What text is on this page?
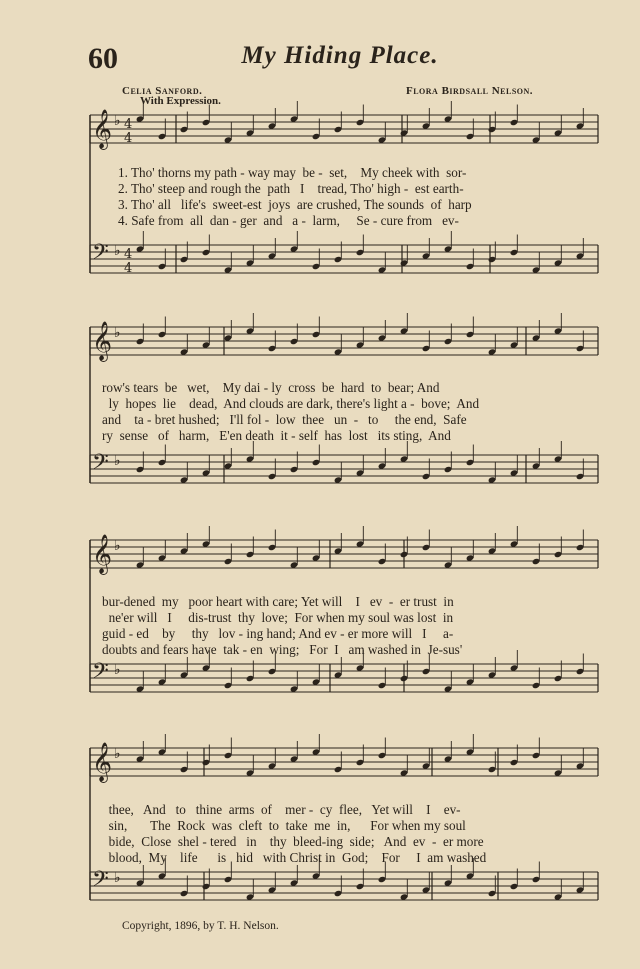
60	My Hiding Place.
Celia Sanford.	Flora Birdsall Nelson.
With Expression.
𝄞 ♭ 4
4
𝄢 ♭ 4
4
𝄞 ♭
𝄢 ♭
𝄞 ♭
𝄢 ♭
𝄞 ♭
𝄢 ♭
1. Tho' thorns my path - way may  be -  set,    My cheek with  sor-
2. Tho' steep and rough the  path   I    tread, Tho' high -  est earth-
3. Tho' all   life's  sweet-est  joys  are crushed, The sounds  of  harp
4. Safe from  all  dan - ger  and   a -  larm,     Se - cure from   ev-
row's tears  be   wet,    My dai - ly  cross  be  hard  to  bear; And
ly  hopes  lie    dead,  And clouds are dark, there's light a -  bove;  And
and    ta - bret hushed;   I'll fol -  low  thee   un  -   to     the end,  Safe
ry  sense   of   harm,   E'en death  it - self  has  lost   its sting,  And
bur-dened  my   poor heart with care; Yet will    I   ev  -  er trust  in
ne'er will   I     dis-trust  thy  love;  For when my soul was lost  in
guid - ed    by     thy   lov - ing hand; And ev - er more will   I     a-
doubts and fears have  tak - en  wing;   For  I   am washed in  Je-sus'
thee,   And   to   thine  arms  of    mer -  cy  flee,   Yet will    I    ev-
sin,       The  Rock  was  cleft  to  take  me  in,      For when my soul
bide,  Close  shel - tered   in    thy  bleed-ing  side;   And  ev  -  er more
blood,  My    life      is   hid   with Christ in  God;    For     I  am washed
Copyright, 1896, by T. H. Nelson.
